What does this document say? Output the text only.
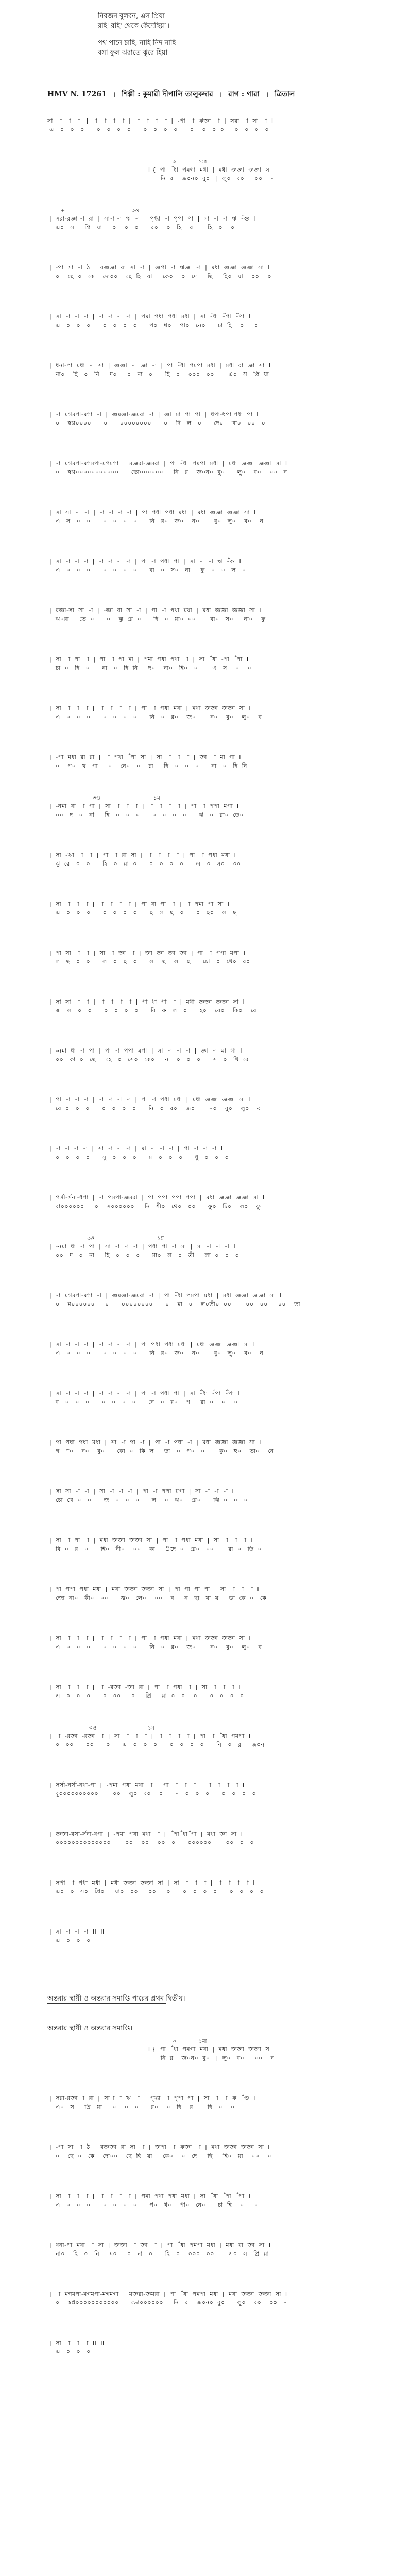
নিরজন বুলবন, এস প্রিয়া
রহি' রহি' থেকে কেঁদেছিয়া ৷
পথ পানে চাহি, নাহি নিদ নাহি
বসা ফুল ঝরাতে ঝুরে হিয়া ৷
HMV N. 17261 । শিল্পী : কুমারী দীপালি তালুকদার । রাগ : গারা । ত্রিতাল
সা  -া  -া  -া   |  -া  -া  -া  -া  |  -া  -া  -া  -া  |  -পা  -া  ঋজ্ঞা  -া  |  সরা  -া  সা  -া  I
এ   ০   ০   ০      ০   ০   ০   ০      ০   ০   ০   ০      ০    ০   ০  ০     ০   ০   ০   ০
৩            ১মা
I {  পা  -ঁধা  পমগা  মধা  |  মধা  জ্ঞজ্ঞা  জ্ঞজ্ঞা  স
নি  র    জ০ন০  বু০   |  লু০   ব০     ০০    ন
+                                   ৩ও
|  সরা-রজ্ঞা -া  রা  |  সা-া -া  ঋ  -া  |  পৃগ্ধা  -া  পৃপা  পা  |  সা  -া  -া  ঋ  -ঁগু  I
এ০   স     প্রি   য়া     ০    ০   ০      র০    ০   হি    র       হি   ০    ০
|  -পা  সা  -া  ঠ  |  রজ্ঞজ্ঞা  রা  সা  -া  |  জ্ঞপা  -া  ঋজ্ঞা  -া  |  মধা  জ্ঞজ্ঞা  জ্ঞজ্ঞা  সা  I
০    ছে  ০   কে    দো০০    ছে  হি   য়া     কে০    ০   দে     ছি     হি০   য়া    ০০    ০
|  সা  -া  -া  -া  |  -া  -া  -া  -া  |  পমা  পধা  পধা  মধা  |  সা  -ঁধা  -ঁপা  -ঁপা  I
এ   ০   ০   ০      ০   ০   ০   ০      প০   থ০    পা০   নে০      চা  হি    ০     ০
|  ধনা-পা  মধা  -া  সা  |  জ্ঞজ্ঞা  -া  জ্ঞা  -া  |  পা  -ঁধা  পমপা  মধা  |  মধা  রা  জ্ঞা  সা  I
না০    হি   ০   নি     দ০     ০   না   ০      হি   ০    ০০০   ০০       এ০   স   প্রি  য়া
|  -া  মগমপা-মগা  -া  |  জ্ঞমজ্ঞা-জ্ঞমরা  -া  |  জ্ঞা  মা  পা  পা  |  ধপা-ধপা পধা  পা  I
০    স্বপ্ন০০০০      ০      ০০০০০০০০      ০    দি   ল   ০      দে০    খা০   ০০   ০
|  -া  মগমপা-মগমপা-মগমগা  |  মজ্ঞরা-জ্ঞমরা  |  পা  -ঁধা  পমপা  মধা  |  মধা  জ্ঞজ্ঞা  জ্ঞজ্ঞা  সা  I
০    স্বপ্ন০০০০০০০০০০০      ভো০০০০০০     নি   র    জ০ন০  বু০      লু০    ব০    ০০   ন
|  সা  সা  -া  -া  |  -া  -া  -া  -া  |  পা  পধা  পধা  মধা  |  মধা  জ্ঞজ্ঞা  জ্ঞজ্ঞা  সা  I
এ   স   ০   ০      ০   ০   ০   ০      নি   র০   জ০    ন০       বু০   লু০    ব০    ন
|  সা  -া  -া  -া  |  -া  -া  -া  -া  |  পা  -া  পধা  পা  |  সা  -া  -া  ঋ  -ঁগু  I
এ   ০   ০   ০      ০   ০   ০   ০      বা   ০   স০   না     ফু   ০   ০   ল   ০
|  রজ্ঞা-সা  সা  -া  |  -জ্ঞা  রা  সা  -া  |  পা  -া  পধা  মধা  |  মধা  জ্ঞজ্ঞা  জ্ঞজ্ঞা  সা  I
ঝ০রা     তে  ০      ০    ঝু  রে  ০      হি   ০   য়া০  ০০       বা০   স০     না০    ফু
|  সা  -া  পা  -া  |  পা  -া  পা  মা  |  পমা  পধা  পধা  -া  |  সা  -ঁধা  -পা  -ঁপা  I
চা  ০   হি   ০      না   ০   হি  নি     দ০    না০   হি০   ০       এ   স    ০    ০
|  সা  -া  -া  -া  |  -া  -া  -া  -া  |  পা  -া  পধা  মধা  |  মধা  জ্ঞজ্ঞা  জ্ঞজ্ঞা  সা  I
এ   ০   ০   ০      ০   ০   ০   ০      নি   ০   র০    জ০       ন০    বু০    লু০    ব
|  -পা  মধা  রা  রা  |  -া  পধা  -ঁপা  সা  |  সা  -া  -া  -া  |  জ্ঞা  -া  মা  গা  I
০    প০   থ   পা     ০    নে০   ০    চা     হি   ০   ০   ০      না   ০   হি  নি
৩ও                            ১ম
|  -নমা  ধা  -া  পা  |  সা  -া  -া  -া  |  -া  -া  -া  -া  |  পা  -া  পপা  মপা  I
০০   দ   ০   না     হি   ০   ০   ০      ০   ০   ০   ০      ঝ   ০   রা০  তে০
|  সা  -ঋা  -া  -া  |  পা  -া  রা  সা  |  -া  -া  -া  -া  |  পা  -া  পধা  মধা  I
ঝু  রে   ০   ০      হি   ০   য়া  ০      ০   ০   ০   ০      এ   ০   স০    ০০
|  সা  -া  -া  -া  |  -া  -া  -া  -া  |  পা  ধা  পা  -া  |  -া  পমা  পা  সা  I
এ   ০   ০   ০      ০   ০   ০   ০      ছ   ল   ছ   ০      ০   ছ০    ল   ছ
|  পা  সা  -া  -া  |  সা  -া  জ্ঞা  -া  |  জ্ঞা  জ্ঞা  জ্ঞা  জ্ঞা  |  পা  -া  পপা  মপা  I
ল   ছ   ০   ০      ল   ০   ছ   ০      ল    ছ    ল    ছ      চো   ০   খে০   র০
|  সা  সা  -া  -া  |  -া  -া  -া  -া  |  পা  ধা  পা  -া  |  মধা  জ্ঞজ্ঞা  জ্ঞজ্ঞা  সা  I
জ   ল   ০   ০      ০   ০   ০   ০      বি   ফ   ল   ০      হ০    বে০    কি০    রে
|  -নমা  ধা  -া  পা  |  পা  -া  পপা  মপা  |  সা  -া  -া  -া  |  জ্ঞা  -া  মা  গা  I
০০   কা  ০   ছে     হে   ০   সে০   কে০     না   ০   ০   ০      স   ০   খি  রে
|  পা  -া  -া  -া  |  -া  -া  -া  -া  |  পা  -া  পধা  মধা  |  মধা  জ্ঞজ্ঞা  জ্ঞজ্ঞা  সা  I
রে  ০   ০   ০      ০   ০   ০   ০      নি   ০   র০    জ০       ন০    বু০    লু০    ব
|  -া  -া  -া  -া  |  সা  -া  -া  -া  |  মা  -া  -া  -া  |  পা  -া  -া  -া  I
০   ০   ০   ০      সু   ০   ০   ০      ম   ০   ০   ০      ধু   ০   ০   ০
|  পর্সা-র্সনা-ধপা  |  -া  পমপা-জ্ঞমরা  |  পা  পপা  পপা  পপা  |  মধা  জ্ঞজ্ঞা  জ্ঞজ্ঞা  সা  I
বা০০০০০০     ০    স০০০০০০     নি   শী০   থে০   ০০      ফু০   টি০    ল০    ফু
৩ও                                 ১ম
|  -নমা  ধা  -া  পা  |  সা  -া  -া  -া  |  পধা  পা  -া  সা  |  সা  -া  -া  -া  I
০০   দ   ০   না     হি   ০   ০   ০      মা০   ল   ০   তী     লা  ০   ০   ০
|  -া  মগমপা-মগা  -া  |  জ্ঞমজ্ঞা-জ্ঞমরা  -া  |  পা  -ঁধা  পমপা  মধা  |  মধা  জ্ঞজ্ঞা  জ্ঞজ্ঞা  সা  I
০    ম০০০০০০     ০      ০০০০০০০০      ০    মা   ০    ল০তী০  ০০       ০০   ০০     ০০    তা
|  সা  -া  -া  -া  |  -া  -া  -া  -া  |  পা  পধা  পধা  মধা  |  মধা  জ্ঞজ্ঞা  জ্ঞজ্ঞা  সা  I
এ   ০   ০   ০      ০   ০   ০   ০      নি   র০   জ০    ন০       বু০   লু০    ব০    ন
|  সা  -া  -া  -া  |  -া  -া  -া  -া  |  পা  -া  পধা  পা  |  সা  -ঁধা  -ঁপা  -ঁপা  I
ব   ০   ০   ০      ০   ০   ০   ০      নে   ০   র০    প     রা  ০    ০    ০
|  পা  পধা  পধা  মধা  |  সা  -া  পা  -া  |  পা  -া  পধা  -া  |  মধা  জ্ঞজ্ঞা  জ্ঞজ্ঞা  সা  I
গ   ণ০    ন০    বু০      কো  ০   কি  ল     তা   ০   প০   ০       কু০   হু০    তা০    নে
|  সা  সা  -া  -া  |  সা  -া  -া  -া  |  পা  -া  পপা  মপা  |  সা  -া  -া  -া  I
চো  খে  ০   ০      জ   ০   ০   ০      ল    ০   ঝ০    রে০      ঝি  ০   ০   ০
|  সা  -া  পা  -া  |  মধা  জ্ঞজ্ঞা  জ্ঞজ্ঞা  সা  |  পা  -া  পধা  মধা  |  সা  -া  -া  -া  I
বি  ০   র   ০      হি০   নী০    ০০    কা     ঁদে  ০   রে০   ০০       রা  ০   তি  ০
|  পা  পপা  পধা  মধা  |  মধা  জ্ঞজ্ঞা  জ্ঞজ্ঞা  সা  |  পা  পা  পা  পা  |  সা  -া  -া  -া  I
জো  না০   কী০   ০০      জ্ব০   লে০    ০০    ব     ন   ছা   য়া  য়     ডা  কে  ০   কে
|  সা  -া  -া  -া  |  -া  -া  -া  -া  |  পা  -া  পধা  মধা  |  মধা  জ্ঞজ্ঞা  জ্ঞজ্ঞা  সা  I
এ   ০   ০   ০      ০   ০   ০   ০      নি   ০   র০    জ০       ন০    বু০    লু০    ব
|  সা  -া  -া  -া  |  -া  -রজ্ঞা  -জ্ঞা  রা  |  পা  -া  পধা  -া  |  সা  -া  -া  -া  I
এ   ০   ০   ০      ০   ০০     ০     প্রি     য়া  ০   ০    ০      ০   ০   ০   ০
৩ও                           ১ম
|  -া  -রজ্ঞা  -রজ্ঞা  -া  |  সা  -া  -া  -া  |  -া  -া  -া  -া  |  পা  -া  -ঁধা  পমপা  I
০   ০০      ০০      ০      এ   ০   ০   ০      ০   ০   ০   ০      নি   ০   র     জ০ন
|  সর্সা-নর্সা-নধা-পা  |  -পমা  পধা  মধা  -া  |  পা  -া  -া  -া  |  -া  -া  -া  -া  I
বু০০০০০০০০০০       ০০    লু০   ব০    ০      ন   ০   ০   ০      ০   ০   ০   ০
|  জ্ঞজ্ঞা-রসা-র্সনা-ধপা  |  -পমা  পধা  মধা  -া  |  -ঁপা-ঁধা-ঁপা  |  মধা  জ্ঞা  সা  I
০০০০০০০০০০০০০০       ০০    ০০    ০০   ০      ০০০০০০       ০০   ০   ০
|  সপা  -া  পধা  মধা  |  মধা  জ্ঞজ্ঞা  জ্ঞজ্ঞা  সা  |  সা  -া  -া  -া  |  -া  -া  -া  -া  I
এ০   ০   স০   প্রি০     য়া০   ০০     ০০     ০      ০   ০   ০   ০      ০   ০   ০   ০
|  সা  -া  -া  -া  II  II
এ   ০   ০   ০
অন্তরার স্থায়ী ও অন্তরার সমাপ্তি পারের প্রথম দ্বিতীয়।
অন্তরার স্থায়ী ও অন্তরার সমাপ্তি।
৩            ১মা
I {  পা  -ঁধা  পমগা  মধা  |  মধা  জ্ঞজ্ঞা  জ্ঞজ্ঞা  স
নি  র    জ০ন০  বু০   |  লু০   ব০     ০০    ন
|  সরা-রজ্ঞা -া  রা  |  সা-া -া  ঋ  -া  |  পৃগ্ধা  -া  পৃপা  পা  |  সা  -া  -া  ঋ  -ঁগু  I
এ০   স     প্রি   য়া     ০    ০   ০      র০    ০   হি    র       হি   ০    ০
|  -পা  সা  -া  ঠ  |  রজ্ঞজ্ঞা  রা  সা  -া  |  জ্ঞপা  -া  ঋজ্ঞা  -া  |  মধা  জ্ঞজ্ঞা  জ্ঞজ্ঞা  সা  I
০    ছে  ০   কে    দো০০    ছে  হি   য়া     কে০    ০   দে     ছি     হি০   য়া    ০০    ০
|  সা  -া  -া  -া  |  -া  -া  -া  -া  |  পমা  পধা  পধা  মধা  |  সা  -ঁধা  -ঁপা  -ঁপা  I
এ   ০   ০   ০      ০   ০   ০   ০      প০   থ০    পা০   নে০      চা  হি    ০     ০
|  ধনা-পা  মধা  -া  সা  |  জ্ঞজ্ঞা  -া  জ্ঞা  -া  |  পা  -ঁধা  পমপা  মধা  |  মধা  রা  জ্ঞা  সা  I
না০    হি   ০   নি     দ০     ০   না   ০      হি   ০    ০০০   ০০       এ০   স   প্রি  য়া
|  -া  মগমপা-মগমপা-মগমগা  |  মজ্ঞরা-জ্ঞমরা  |  পা  -ঁধা  পমপা  মধা  |  মধা  জ্ঞজ্ঞা  জ্ঞজ্ঞা  সা  I
০    স্বপ্ন০০০০০০০০০০০      ভো০০০০০০     নি   র    জ০ন০  বু০      লু০    ব০    ০০   ন
|  সা  -া  -া  -া  II  II
এ   ০   ০   ০
